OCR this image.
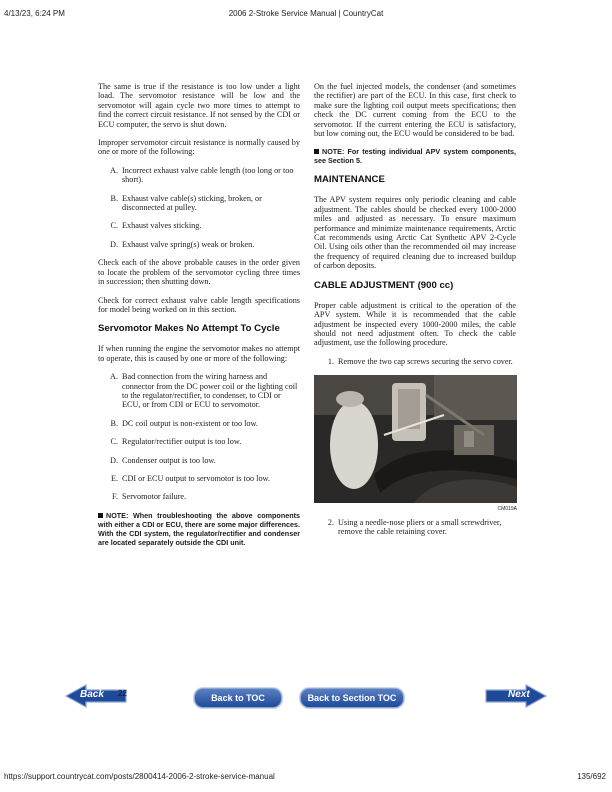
4/13/23, 6:24 PM	2006 2-Stroke Service Manual | CountryCat
https://support.countrycat.com/posts/2800414-2006-2-stroke-service-manual	135/692

The same is true if the resistance is too low under a light load. The servomotor resistance will be low and the servomotor will again cycle two more times to attempt to find the correct circuit resistance. If not sensed by the CDI or ECU computer, the servo is shut down.

Improper servomotor circuit resistance is normally caused by one or more of the following:

A. Incorrect exhaust valve cable length (too long or too short).
B. Exhaust valve cable(s) sticking, broken, or disconnected at pulley.
C. Exhaust valves sticking.
D. Exhaust valve spring(s) weak or broken.

Check each of the above probable causes in the order given to locate the problem of the servomotor cycling three times in succession; then shutting down.

Check for correct exhaust valve cable length specifications for model being worked on in this section.

Servomotor Makes No Attempt To Cycle

If when running the engine the servomotor makes no attempt to operate, this is caused by one or more of the following:

A. Bad connection from the wiring harness and connector from the DC power coil or the lighting coil to the regulator/rectifier, to condenser, to CDI or ECU, or from CDI or ECU to servomotor.
B. DC coil output is non-existent or too low.
C. Regulator/rectifier output is too low.
D. Condenser output is too low.
E. CDI or ECU output to servomotor is too low.
F. Servomotor failure.
NOTE: When troubleshooting the above components with either a CDI or ECU, there are some major differences. With the CDI system, the regulator/rectifier and condenser are located separately outside the CDI unit.

On the fuel injected models, the condenser (and sometimes the rectifier) are part of the ECU. In this case, first check to make sure the lighting coil output meets specifications; then check the DC current coming from the ECU to the servomotor. If the current entering the ECU is satisfactory, but low coming out, the ECU would be considered to be bad.

NOTE: For testing individual APV system components, see Section 5.
MAINTENANCE

The APV system requires only periodic cleaning and cable adjustment. The cables should be checked every 1000-2000 miles and adjusted as necessary. To ensure maximum performance and minimize maintenance requirements, Arctic Cat recommends using Arctic Cat Synthetic APV 2-Cycle Oil. Using oils other than the recommended oil may increase the frequency of required cleaning due to increased buildup of carbon deposits.

CABLE ADJUSTMENT (900 cc)

Proper cable adjustment is critical to the operation of the APV system. While it is recommended that the cable adjustment be inspected every 1000-2000 miles, the cable should not need adjustment often. To check the cable adjustment, use the following procedure.

1. Remove the two cap screws securing the servo cover.
CM019A
2. Using a needle-nose pliers or a small screwdriver, remove the cable retaining cover.
Back 22	Back to TOC	Back to Section TOC	Next
